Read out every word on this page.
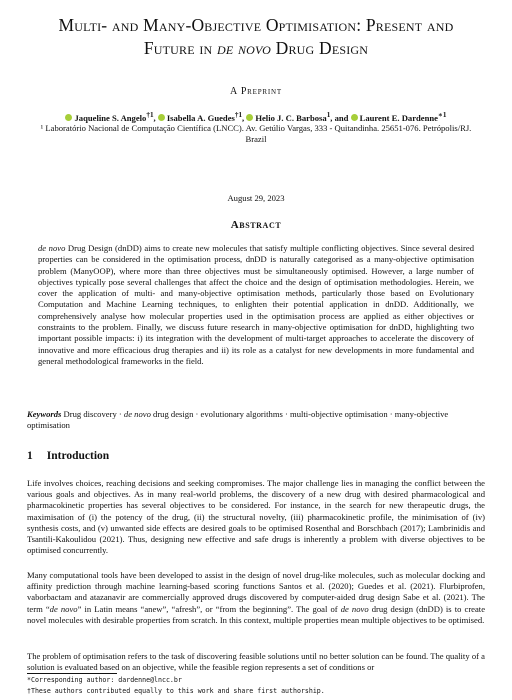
Multi- and Many-Objective Optimisation: Present and
Future in de novo Drug Design
A Preprint
Jaqueline S. Angelo$^{\dagger 1}$, Isabella A. Guedes$^{\dagger 1}$, Helio J. C. Barbosa$^1$, and Laurent E. Dardenne$^{∗1}$
¹ Laboratório Nacional de Computação Científica (LNCC). Av. Getúlio Vargas, 333 - Quitandinha. 25651-076. Petrópolis/RJ. Brazil
August 29, 2023
Abstract
de novo Drug Design (dnDD) aims to create new molecules that satisfy multiple conflicting objectives. Since several desired properties can be considered in the optimisation process, dnDD is naturally categorised as a many-objective optimisation problem (ManyOOP), where more than three objectives must be simultaneously optimised. However, a large number of objectives typically pose several challenges that affect the choice and the design of optimisation methodologies. Herein, we cover the application of multi- and many-objective optimisation methods, particularly those based on Evolutionary Computation and Machine Learning techniques, to enlighten their potential application in dnDD. Additionally, we comprehensively analyse how molecular properties used in the optimisation process are applied as either objectives or constraints to the problem. Finally, we discuss future research in many-objective optimisation for dnDD, highlighting two important possible impacts: i) its integration with the development of multi-target approaches to accelerate the discovery of innovative and more efficacious drug therapies and ii) its role as a catalyst for new developments in more fundamental and general methodological frameworks in the field.
Keywords Drug discovery · de novo drug design · evolutionary algorithms · multi-objective optimisation · many-objective optimisation
1 Introduction
Life involves choices, reaching decisions and seeking compromises. The major challenge lies in managing the conflict between the various goals and objectives. As in many real-world problems, the discovery of a new drug with desired pharmacological and pharmacokinetic properties has several objectives to be considered. For instance, in the search for new therapeutic drugs, the maximisation of (i) the potency of the drug, (ii) the structural novelty, (iii) pharmacokinetic profile, the minimisation of (iv) synthesis costs, and (v) unwanted side effects are desired goals to be optimised Rosenthal and Borschbach (2017); Lambrinidis and Tsantili-Kakoulidou (2021). Thus, designing new effective and safe drugs is inherently a problem with diverse objectives to be optimised concurrently.
Many computational tools have been developed to assist in the design of novel drug-like molecules, such as molecular docking and affinity prediction through machine learning-based scoring functions Santos et al. (2020); Guedes et al. (2021). Flurbiprofen, vaborbactam and atazanavir are commercially approved drugs discovered by computer-aided drug design Sabe et al. (2021). The term “de novo” in Latin means “anew”, “afresh”, or “from the beginning”. The goal of de novo drug design (dnDD) is to create novel molecules with desirable properties from scratch. In this context, multiple properties mean multiple objectives to be optimised.
The problem of optimisation refers to the task of discovering feasible solutions until no better solution can be found. The quality of a solution is evaluated based on an objective, while the feasible region represents a set of conditions or
*Corresponding author: dardenne@lncc.br
†These authors contributed equally to this work and share first authorship.
